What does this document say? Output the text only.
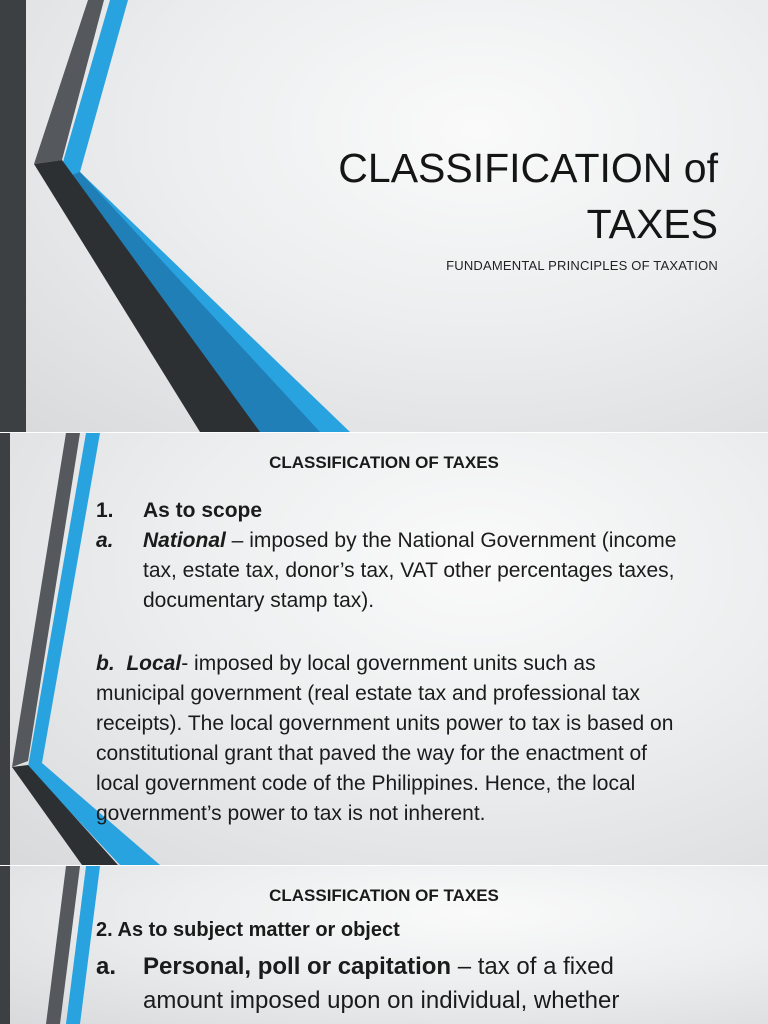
CLASSIFICATION of
TAXES
FUNDAMENTAL PRINCIPLES OF TAXATION
CLASSIFICATION OF TAXES
1. As to scope
a. National – imposed by the National Government (income
tax, estate tax, donor’s tax, VAT other percentages taxes,
documentary stamp tax).
b. Local- imposed by local government units such as
municipal government (real estate tax and professional tax
receipts). The local government units power to tax is based on
constitutional grant that paved the way for the enactment of
local government code of the Philippines. Hence, the local
government’s power to tax is not inherent.
CLASSIFICATION OF TAXES
2. As to subject matter or object
a. Personal, poll or capitation – tax of a fixed
amount imposed upon on individual, whether
